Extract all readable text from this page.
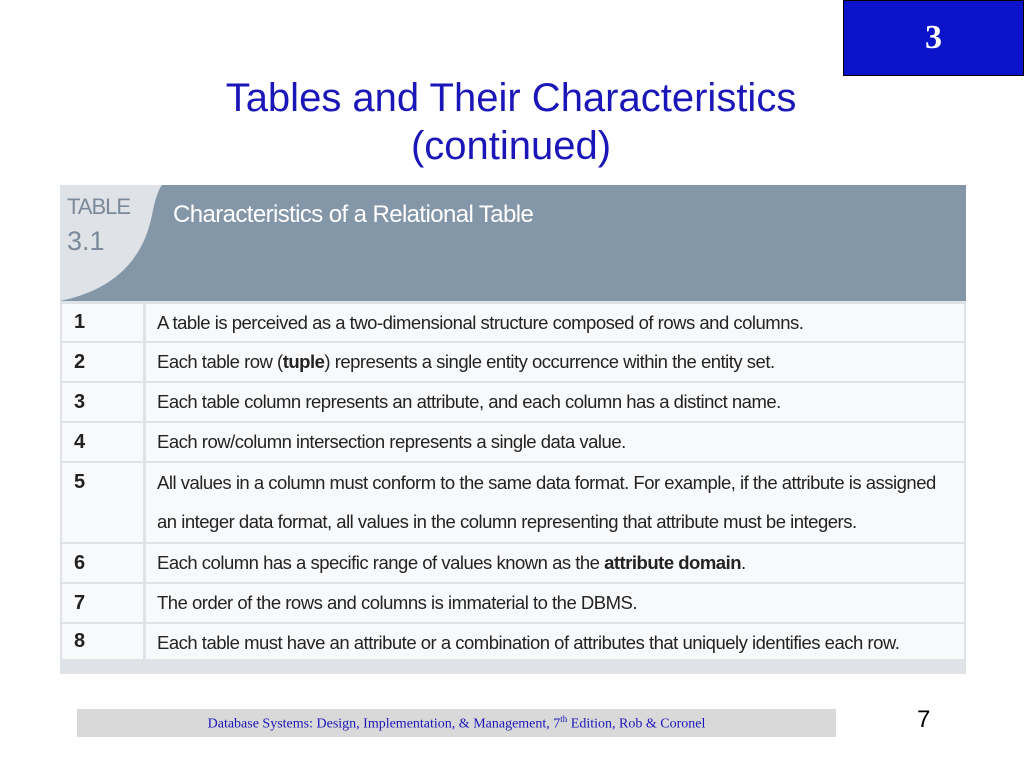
3
Tables and Their Characteristics
(continued)
TABLE
3.1
Characteristics of a Relational Table
1	A table is perceived as a two-dimensional structure composed of rows and columns.
2	Each table row (tuple) represents a single entity occurrence within the entity set.
3	Each table column represents an attribute, and each column has a distinct name.
4	Each row/column intersection represents a single data value.
5	All values in a column must conform to the same data format. For example, if the attribute is assigned an integer data format, all values in the column representing that attribute must be integers.
6	Each column has a specific range of values known as the attribute domain.
7	The order of the rows and columns is immaterial to the DBMS.
8	Each table must have an attribute or a combination of attributes that uniquely identifies each row.
Database Systems: Design, Implementation, & Management, 7th Edition, Rob & Coronel	7
